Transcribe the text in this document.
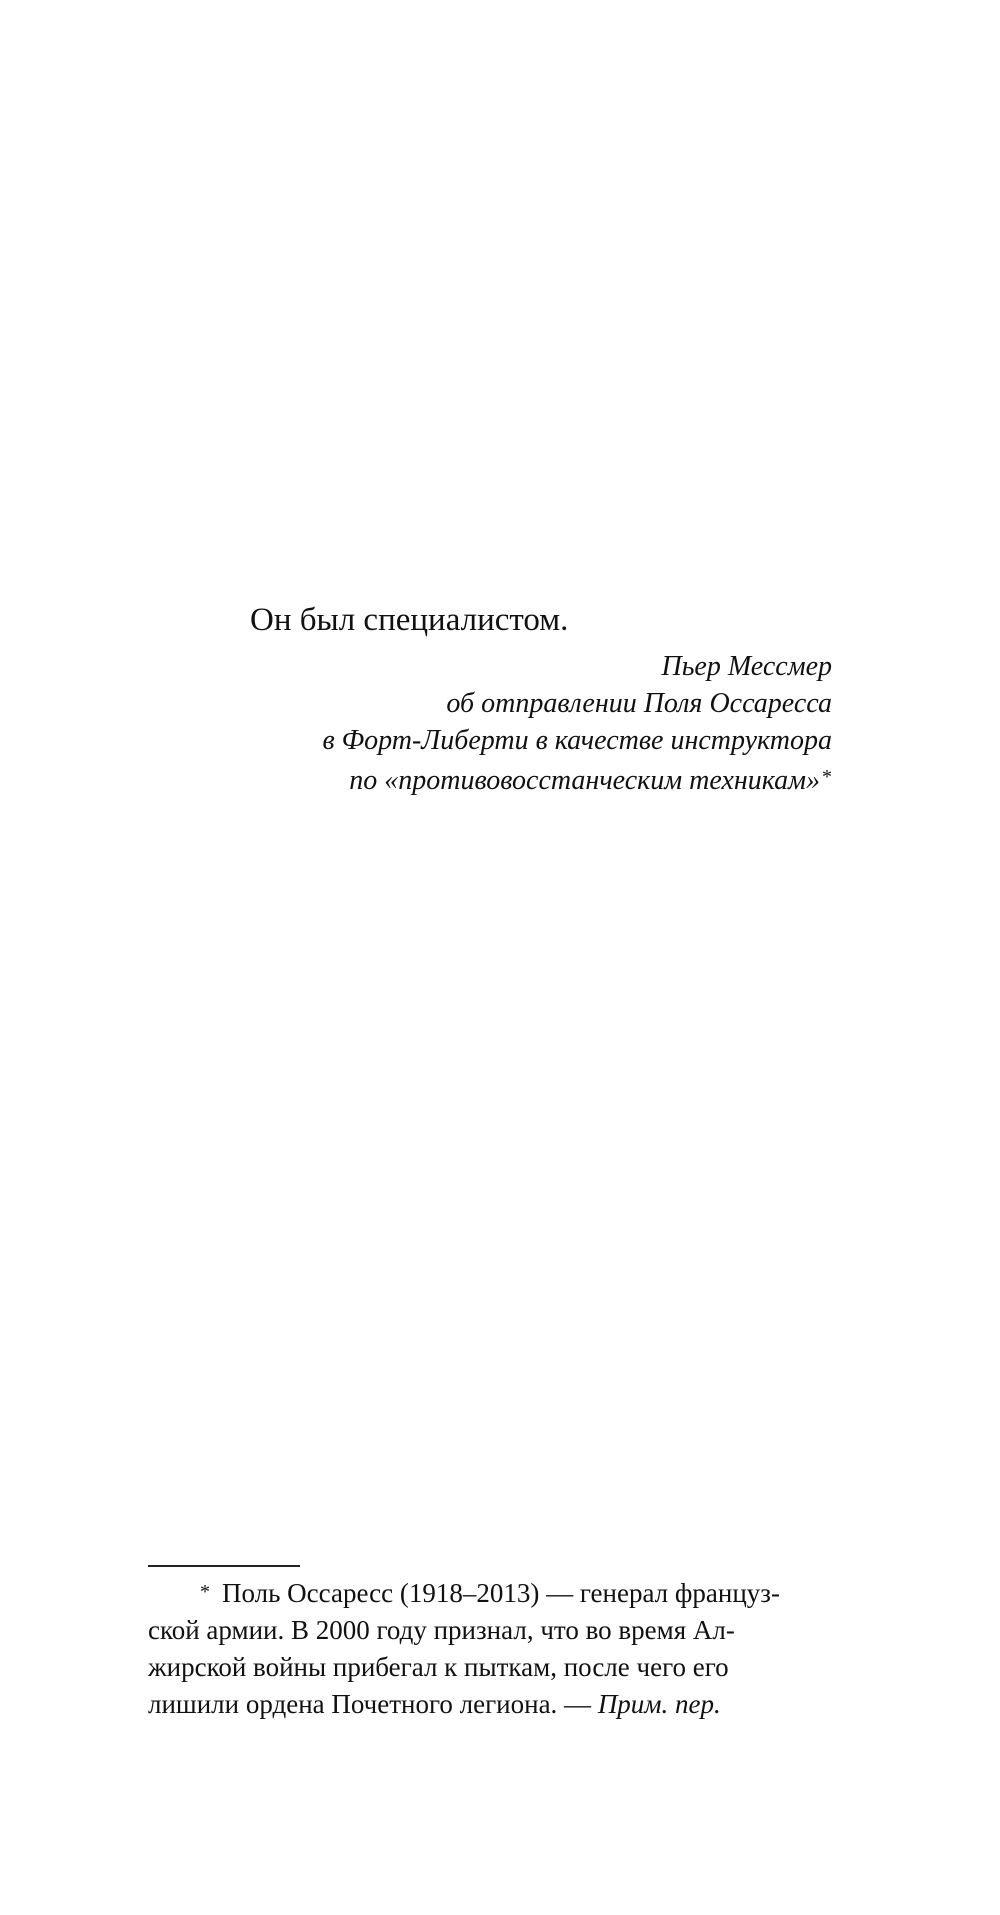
Он был специалистом.

Пьер Мессмер
об отправлении Поля Оссаресса
в Форт-Либерти в качестве инструктора
по «противовосстанческим техникам» *
* Поль Оссаресс (1918–2013) — генерал француз-
ской армии. В 2000 году признал, что во время Ал-
жирской войны прибегал к пыткам, после чего его
лишили ордена Почетного легиона. — Прим. пер.
